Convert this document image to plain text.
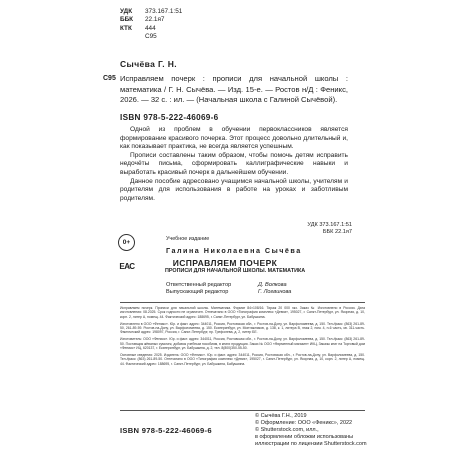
УДК 373.167.1:51
ББК 22.1я7
КТК 444
С95

Сычёва Г. Н.

С95 Исправляем почерк : прописи для начальной школы : математика / Г. Н. Сычёва. — Изд. 15-е. — Ростов н/Д : Феникс, 2026. — 32 с. : ил. — (Начальная школа с Галиной Сычёвой).

ISBN 978-5-222-46069-6

Одной из проблем в обучении первоклассников является формирование красивого почерка. Этот процесс довольно длительный и, как показывает практика, не всегда является успешным.

Прописи составлены таким образом, чтобы помочь детям исправить недочёты письма, сформировать каллиграфические навыки и выработать красивый почерк в дальнейшем обучении.

Данное пособие адресовано учащимся начальной школы, учителям и родителям для использования в работе на уроках и заботливым родителям.

УДК 373.167.1:51
ББК 22.1я7
0+
ЕАС

Учебное издание

Галина Николаевна Сычёва

ИСПРАВЛЯЕМ ПОЧЕРК

ПРОПИСИ ДЛЯ НАЧАЛЬНОЙ ШКОЛЫ. МАТЕМАТИКА

Ответственный редактор
Выпускающий редактор
Д. Волкова
Г. Логвинова
Исправляем почерк. Прописи для начальной школы. Математика. Формат 84×108/16. Тираж 20 000 экз. Заказ № Изготовлено в России. Дата изготовления: 08.2025. Срок годности не ограничен. Отпечатано в ООО «Типография комплекс «Девиз», 195027, г. Санкт-Петербург, ул. Якорная, д. 10, корп. 2, литер А, помещ. 44. Фактический адрес: 188695, г. Санкт-Петербург, ул. Бабушкина.
Изготовлено в ООО «Феникс». Юр. и факт. адрес: 344011, Россия, Ростовская обл., г. Ростов-на-Дону, ул. Варфоломеева, д. 150. Тел./факс: (863) 261-89-50, 261-89-59. Ростов-на-Дону, ул. Варфоломеева, д. 150. Екатеринбург, ул. Монтажников, д. 138, к. 1, литера В, этаж 2, пом. 4, н-6 часть, кв. 311-часть. Фактический адрес: 198097, Россия, г. Санкт-Петербург, пр. Трефолева, д. 2, литер БЕ.
Изготовитель: ООО «Феникс». Юр. и факт. адрес: 344011, Россия, Ростовская обл., г. Ростов-на-Дону, ул. Варфоломеева, д. 150. Тел./факс: (863) 261-89-50. Поставщик жёваных сумочек, добавок учебным пособиям, в книги продукция. Заказ № ООО «Фирменный магазин» ИКЦ, Заказы книг на Торговый дом «Феникс» ИЦ, 620137, г. Екатеринбург, ул. Бабушкина, д. 2, тел. 8(800)350-55-50.
Основные сведения: 2025. Издатель: ООО «Феникс». Юр. и факт. адрес: 344011, Россия, Ростовская обл., г. Ростов-на-Дону, ул. Варфоломеева, д. 150. Тел./факс: (863) 261-89-50. Отпечатано в ООО «Типография комплекс «Девиз», 195027, г. Санкт-Петербург, ул. Якорная, д. 10, корп. 2, литер А, помещ. 44. Фактический адрес: 188695, г. Санкт-Петербург, ул. Бабушкина, Бабушкина.

ISBN 978-5-222-46069-6

© Сычёва Г.Н., 2019
© Оформление: ООО «Феникс», 2022
© Shutterstock.com, илл.,
в оформлении обложки использованы
иллюстрации по лицензии Shutterstock.com
